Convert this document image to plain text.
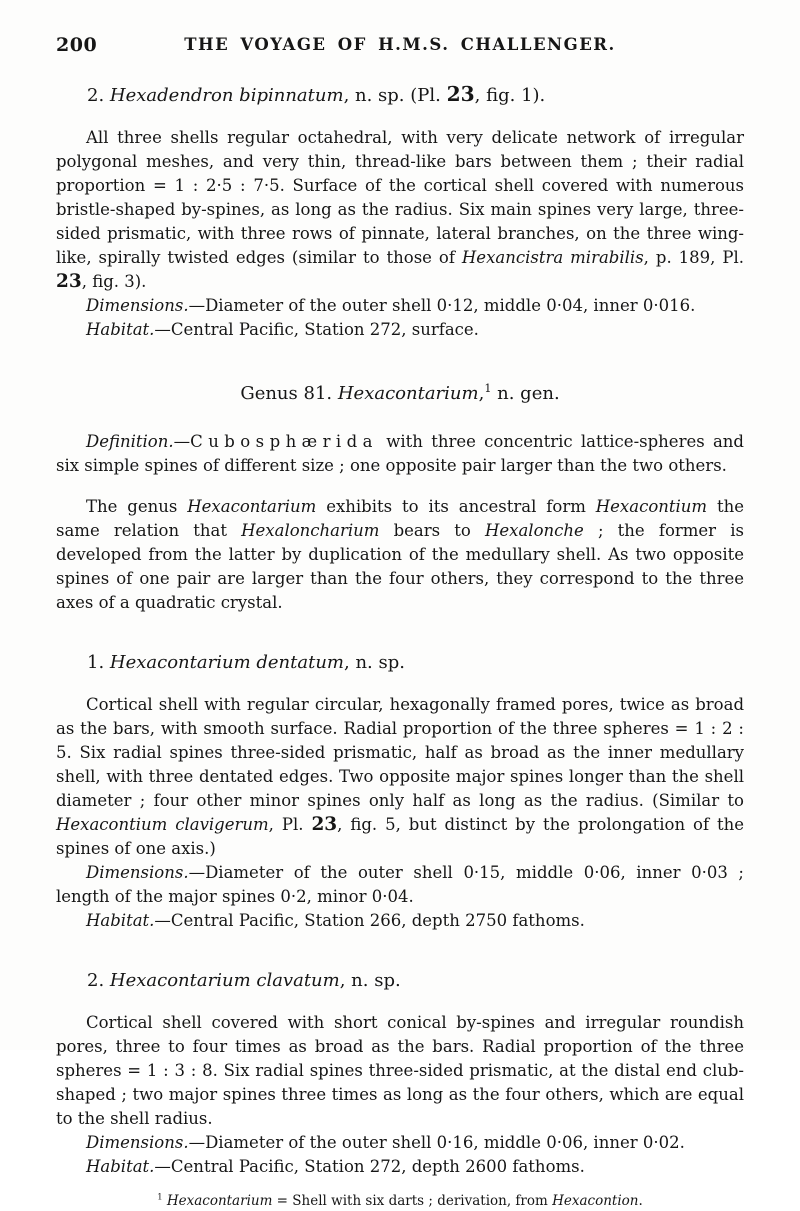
200	THE VOYAGE OF H.M.S. CHALLENGER.
2. Hexadendron bipinnatum, n. sp. (Pl. 23, fig. 1).

All three shells regular octahedral, with very delicate network of irregular polygonal meshes, and very thin, thread-like bars between them ; their radial proportion = 1 : 2·5 : 7·5. Surface of the cortical shell covered with numerous bristle-shaped by-spines, as long as the radius. Six main spines very large, three-sided prismatic, with three rows of pinnate, lateral branches, on the three wing-like, spirally twisted edges (similar to those of Hexancistra mirabilis, p. 189, Pl. 23, fig. 3).

Dimensions.—Diameter of the outer shell 0·12, middle 0·04, inner 0·016.

Habitat.—Central Pacific, Station 272, surface.

Genus 81. Hexacontarium,$^1$ n. gen.

Definition.—Cubosphærida with three concentric lattice-spheres and six simple spines of different size ; one opposite pair larger than the two others.

The genus Hexacontarium exhibits to its ancestral form Hexacontium the same relation that Hexaloncharium bears to Hexalonche ; the former is developed from the latter by duplication of the medullary shell. As two opposite spines of one pair are larger than the four others, they correspond to the three axes of a quadratic crystal.

1. Hexacontarium dentatum, n. sp.

Cortical shell with regular circular, hexagonally framed pores, twice as broad as the bars, with smooth surface. Radial proportion of the three spheres = 1 : 2 : 5. Six radial spines three-sided prismatic, half as broad as the inner medullary shell, with three dentated edges. Two opposite major spines longer than the shell diameter ; four other minor spines only half as long as the radius. (Similar to Hexacontium clavigerum, Pl. 23, fig. 5, but distinct by the prolongation of the spines of one axis.)

Dimensions.—Diameter of the outer shell 0·15, middle 0·06, inner 0·03 ; length of the major spines 0·2, minor 0·04.

Habitat.—Central Pacific, Station 266, depth 2750 fathoms.

2. Hexacontarium clavatum, n. sp.

Cortical shell covered with short conical by-spines and irregular roundish pores, three to four times as broad as the bars. Radial proportion of the three spheres = 1 : 3 : 8. Six radial spines three-sided prismatic, at the distal end club-shaped ; two major spines three times as long as the four others, which are equal to the shell radius.

Dimensions.—Diameter of the outer shell 0·16, middle 0·06, inner 0·02.

Habitat.—Central Pacific, Station 272, depth 2600 fathoms.

$^1$ Hexacontarium = Shell with six darts ; derivation, from Hexacontion.
